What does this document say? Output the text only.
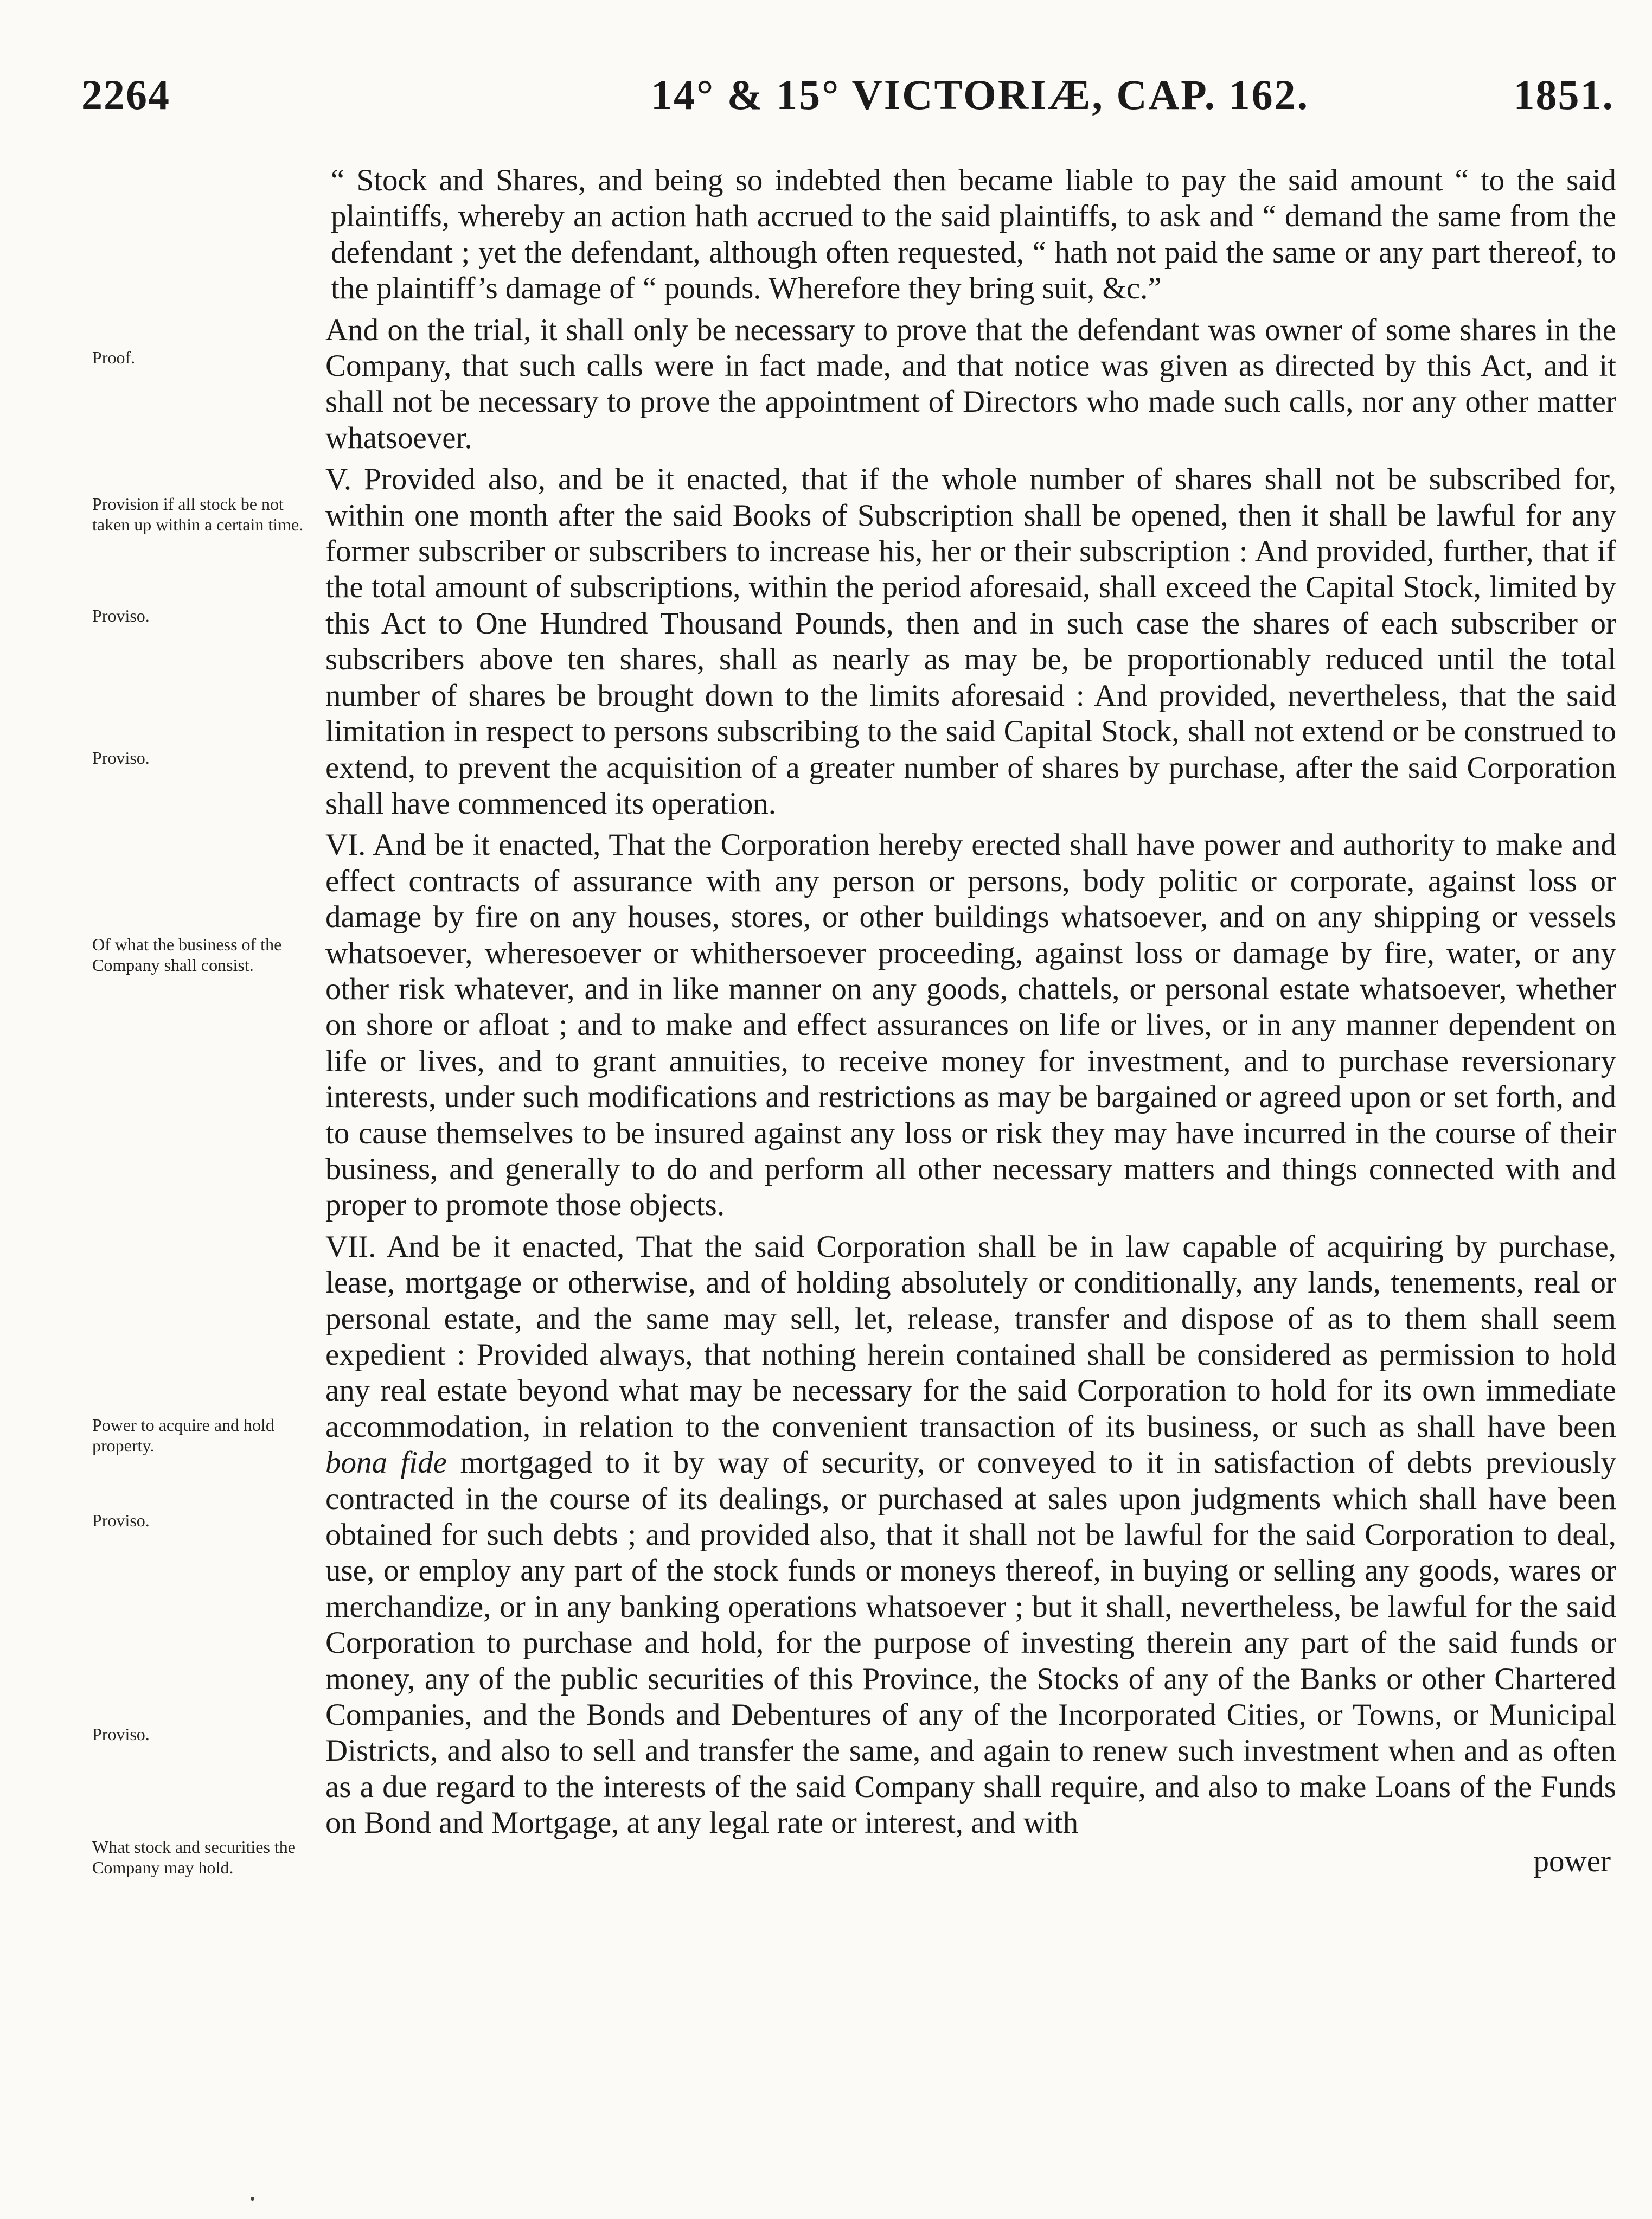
2264	14° & 15° VICTORIÆ, CAP. 162.	1851.
Proof.
Provision if all stock be not taken up within a certain time.
Proviso.
Proviso.
Of what the business of the Company shall consist.
Power to acquire and hold property.
Proviso.
Proviso.
What stock and securities the Company may hold.

“ Stock and Shares, and being so indebted then became liable to pay the said amount “ to the said plaintiffs, whereby an action hath accrued to the said plaintiffs, to ask and “ demand the same from the defendant ; yet the defendant, although often requested, “ hath not paid the same or any part thereof, to the plaintiff’s damage of “ pounds. Wherefore they bring suit, &c.”

And on the trial, it shall only be necessary to prove that the defendant was owner of some shares in the Company, that such calls were in fact made, and that notice was given as directed by this Act, and it shall not be necessary to prove the appointment of Directors who made such calls, nor any other matter whatsoever.

V. Provided also, and be it enacted, that if the whole number of shares shall not be subscribed for, within one month after the said Books of Subscription shall be opened, then it shall be lawful for any former subscriber or subscribers to increase his, her or their subscription : And provided, further, that if the total amount of subscriptions, within the period aforesaid, shall exceed the Capital Stock, limited by this Act to One Hundred Thousand Pounds, then and in such case the shares of each subscriber or subscribers above ten shares, shall as nearly as may be, be proportionably reduced until the total number of shares be brought down to the limits aforesaid : And provided, nevertheless, that the said limitation in respect to persons subscribing to the said Capital Stock, shall not extend or be construed to extend, to prevent the acquisition of a greater number of shares by purchase, after the said Corporation shall have commenced its operation.

VI. And be it enacted, That the Corporation hereby erected shall have power and authority to make and effect contracts of assurance with any person or persons, body politic or corporate, against loss or damage by fire on any houses, stores, or other buildings whatsoever, and on any shipping or vessels whatsoever, wheresoever or whithersoever proceeding, against loss or damage by fire, water, or any other risk whatever, and in like manner on any goods, chattels, or personal estate whatsoever, whether on shore or afloat ; and to make and effect assurances on life or lives, or in any manner dependent on life or lives, and to grant annuities, to receive money for investment, and to purchase reversionary interests, under such modifications and restrictions as may be bargained or agreed upon or set forth, and to cause themselves to be insured against any loss or risk they may have incurred in the course of their business, and generally to do and perform all other necessary matters and things connected with and proper to promote those objects.

VII. And be it enacted, That the said Corporation shall be in law capable of acquiring by purchase, lease, mortgage or otherwise, and of holding absolutely or conditionally, any lands, tenements, real or personal estate, and the same may sell, let, release, transfer and dispose of as to them shall seem expedient : Provided always, that nothing herein contained shall be considered as permission to hold any real estate beyond what may be necessary for the said Corporation to hold for its own immediate accommodation, in relation to the convenient transaction of its business, or such as shall have been bona fide mortgaged to it by way of security, or conveyed to it in satisfaction of debts previously contracted in the course of its dealings, or purchased at sales upon judgments which shall have been obtained for such debts ; and provided also, that it shall not be lawful for the said Corporation to deal, use, or employ any part of the stock funds or moneys thereof, in buying or selling any goods, wares or merchandize, or in any banking operations whatsoever ; but it shall, nevertheless, be lawful for the said Corporation to purchase and hold, for the purpose of investing therein any part of the said funds or money, any of the public securities of this Province, the Stocks of any of the Banks or other Chartered Companies, and the Bonds and Debentures of any of the Incorporated Cities, or Towns, or Municipal Districts, and also to sell and transfer the same, and again to renew such investment when and as often as a due regard to the interests of the said Company shall require, and also to make Loans of the Funds on Bond and Mortgage, at any legal rate or interest, and with

power
